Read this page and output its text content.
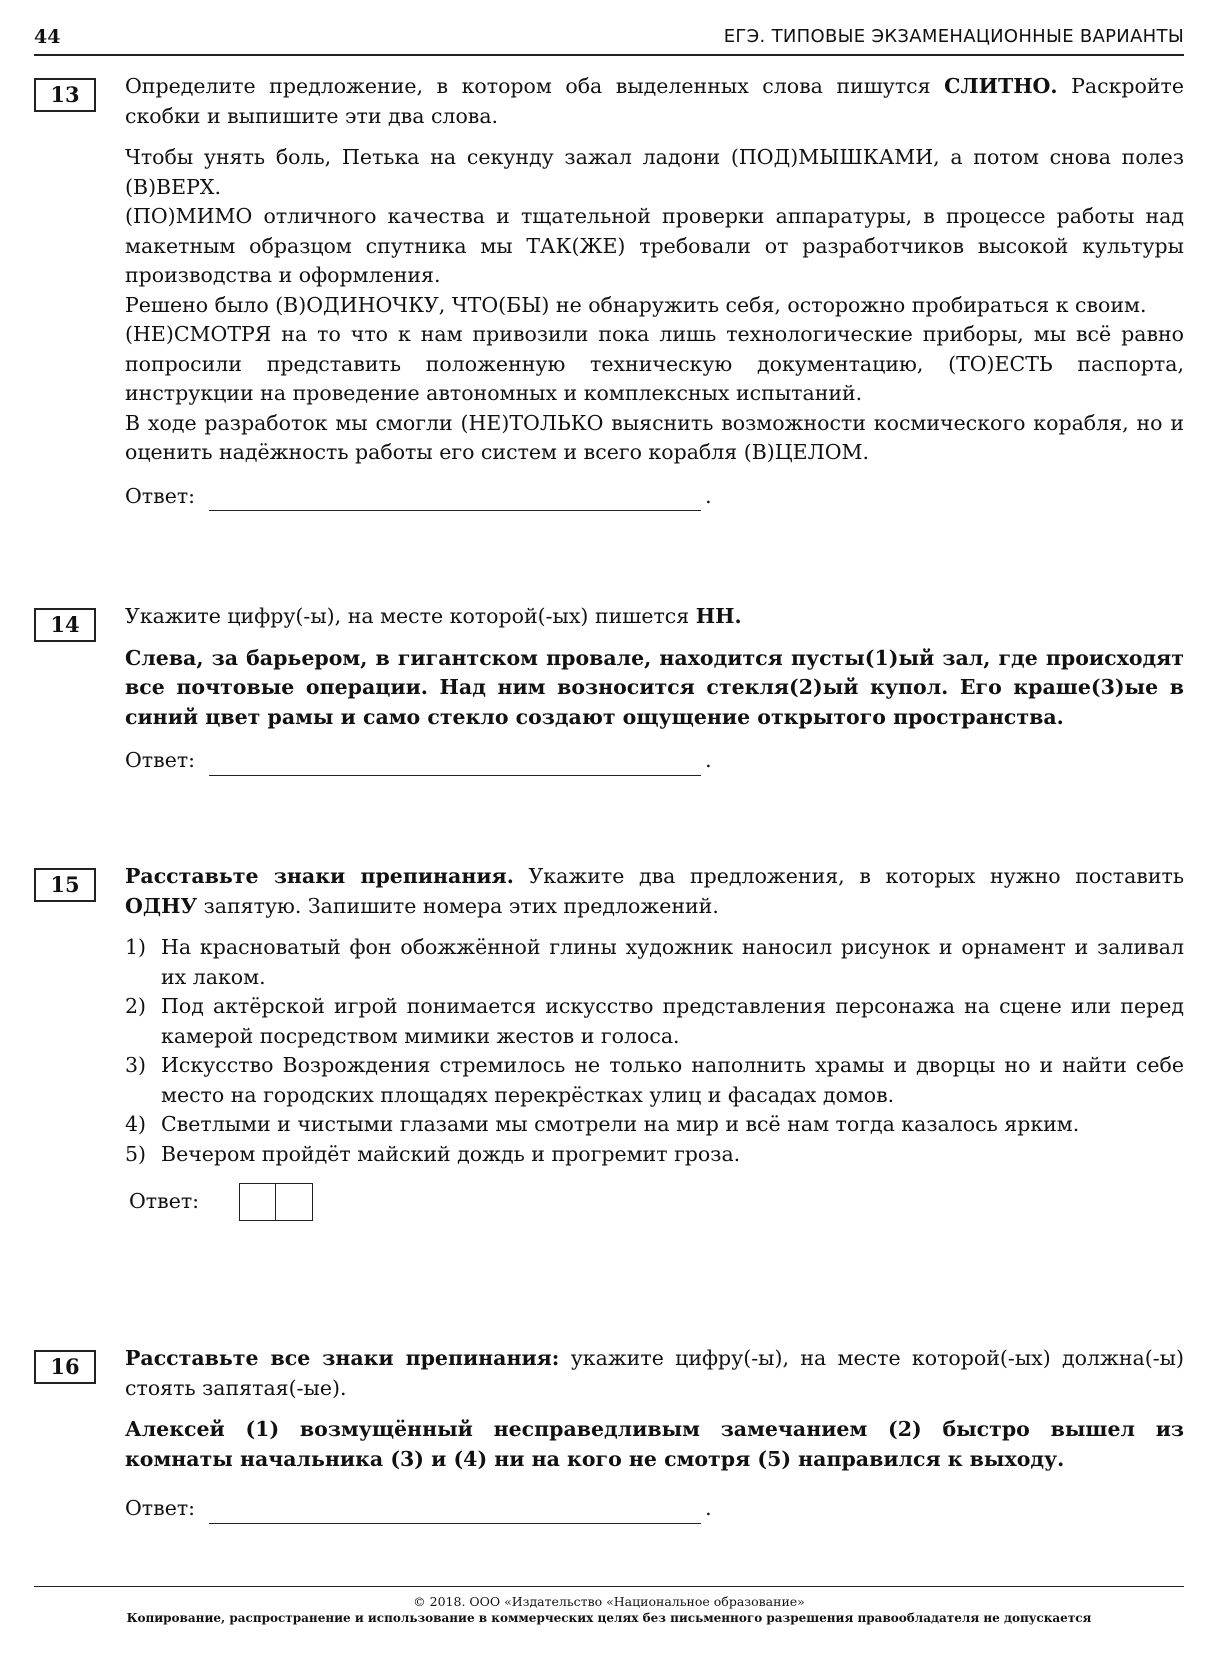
44	ЕГЭ. ТИПОВЫЕ ЭКЗАМЕНАЦИОННЫЕ ВАРИАНТЫ
13	Определите предложение, в котором оба выделенных слова пишутся СЛИТНО. Раскройте скобки и выпишите эти два слова.

Чтобы унять боль, Петька на секунду зажал ладони (ПОД)МЫШКАМИ, а потом снова полез (В)ВЕРХ.

(ПО)МИМО отличного качества и тщательной проверки аппаратуры, в процессе работы над макетным образцом спутника мы ТАК(ЖЕ) требовали от разработчиков высокой культуры производства и оформления.

Решено было (В)ОДИНОЧКУ, ЧТО(БЫ) не обнаружить себя, осторожно пробираться к своим.

(НЕ)СМОТРЯ на то что к нам привозили пока лишь технологические приборы, мы всё равно попросили представить положенную техническую документацию, (ТО)ЕСТЬ паспорта, инструкции на проведение автономных и комплексных испытаний.

В ходе разработок мы смогли (НЕ)ТОЛЬКО выяснить возможности космического корабля, но и оценить надёжность работы его систем и всего корабля (В)ЦЕЛОМ.

Ответ:	.
14	Укажите цифру(-ы), на месте которой(-ых) пишется НН.

Слева, за барьером, в гигантском провале, находится пусты(1)ый зал, где происходят все почтовые операции. Над ним возносится стекля(2)ый купол. Его краше(3)ые в синий цвет рамы и само стекло создают ощущение открытого пространства.

Ответ:	.
15	Расставьте знаки препинания. Укажите два предложения, в которых нужно поставить ОДНУ запятую. Запишите номера этих предложений.

1) На красноватый фон обожжённой глины художник наносил рисунок и орнамент и заливал их лаком.
2) Под актёрской игрой понимается искусство представления персонажа на сцене или перед камерой посредством мимики жестов и голоса.
3) Искусство Возрождения стремилось не только наполнить храмы и дворцы но и найти себе место на городских площадях перекрёстках улиц и фасадах домов.
4) Светлыми и чистыми глазами мы смотрели на мир и всё нам тогда казалось ярким.
5) Вечером пройдёт майский дождь и прогремит гроза.
Ответ:
16	Расставьте все знаки препинания: укажите цифру(-ы), на месте которой(-ых) должна(-ы) стоять запятая(-ые).

Алексей (1) возмущённый несправедливым замечанием (2) быстро вышел из комнаты начальника (3) и (4) ни на кого не смотря (5) направился к выходу.

Ответ:	.
© 2018. ООО «Издательство «Национальное образование»
Копирование, распространение и использование в коммерческих целях без письменного разрешения правообладателя не допускается
